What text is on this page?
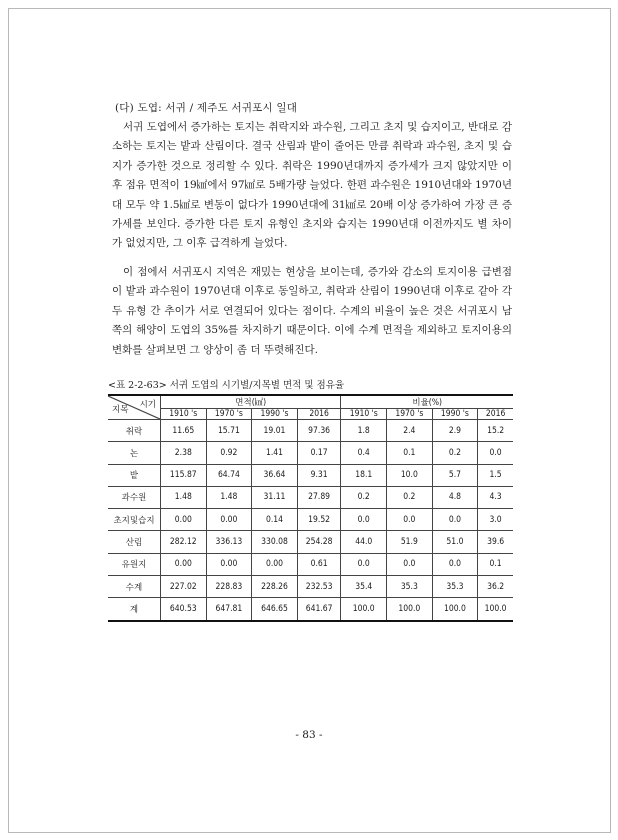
(다) 도엽: 서귀 / 제주도 서귀포시 일대

서귀 도엽에서 증가하는 토지는 취락지와 과수원, 그리고 초지 및 습지이고, 반대로 감소하는 토지는 밭과 산림이다. 결국 산림과 밭이 줄어든 만큼 취락과 과수원, 초지 및 습지가 증가한 것으로 정리할 수 있다. 취락은 1990년대까지 증가세가 크지 않았지만 이후 점유 면적이 19㎢에서 97㎢로 5배가량 늘었다. 한편 과수원은 1910년대와 1970년대 모두 약 1.5㎢로 변동이 없다가 1990년대에 31㎢로 20배 이상 증가하여 가장 큰 증가세를 보인다. 증가한 다른 토지 유형인 초지와 습지는 1990년대 이전까지도 별 차이가 없었지만, 그 이후 급격하게 늘었다.

이 점에서 서귀포시 지역은 재밌는 현상을 보이는데, 증가와 감소의 토지이용 급변점이 밭과 과수원이 1970년대 이후로 동일하고, 취락과 산림이 1990년대 이후로 같아 각 두 유형 간 추이가 서로 연결되어 있다는 점이다. 수계의 비율이 높은 것은 서귀포시 남쪽의 해양이 도엽의 35%를 차지하기 때문이다. 이에 수계 면적을 제외하고 토지이용의 변화를 살펴보면 그 양상이 좀 더 뚜렷해진다.

<표 2-2-63> 서귀 도엽의 시기별/지목별 면적 및 점유율
시기
지목	면적(㎢)				비율(%)			
	1910 's	1970 's	1990 's	2016	1910 's	1970 's	1990 's	2016
취락	11.65	15.71	19.01	97.36	1.8	2.4	2.9	15.2
논	2.38	0.92	1.41	0.17	0.4	0.1	0.2	0.0
밭	115.87	64.74	36.64	9.31	18.1	10.0	5.7	1.5
과수원	1.48	1.48	31.11	27.89	0.2	0.2	4.8	4.3
초지및습지	0.00	0.00	0.14	19.52	0.0	0.0	0.0	3.0
산림	282.12	336.13	330.08	254.28	44.0	51.9	51.0	39.6
유원지	0.00	0.00	0.00	0.61	0.0	0.0	0.0	0.1
수계	227.02	228.83	228.26	232.53	35.4	35.3	35.3	36.2
계	640.53	647.81	646.65	641.67	100.0	100.0	100.0	100.0
- 83 -
